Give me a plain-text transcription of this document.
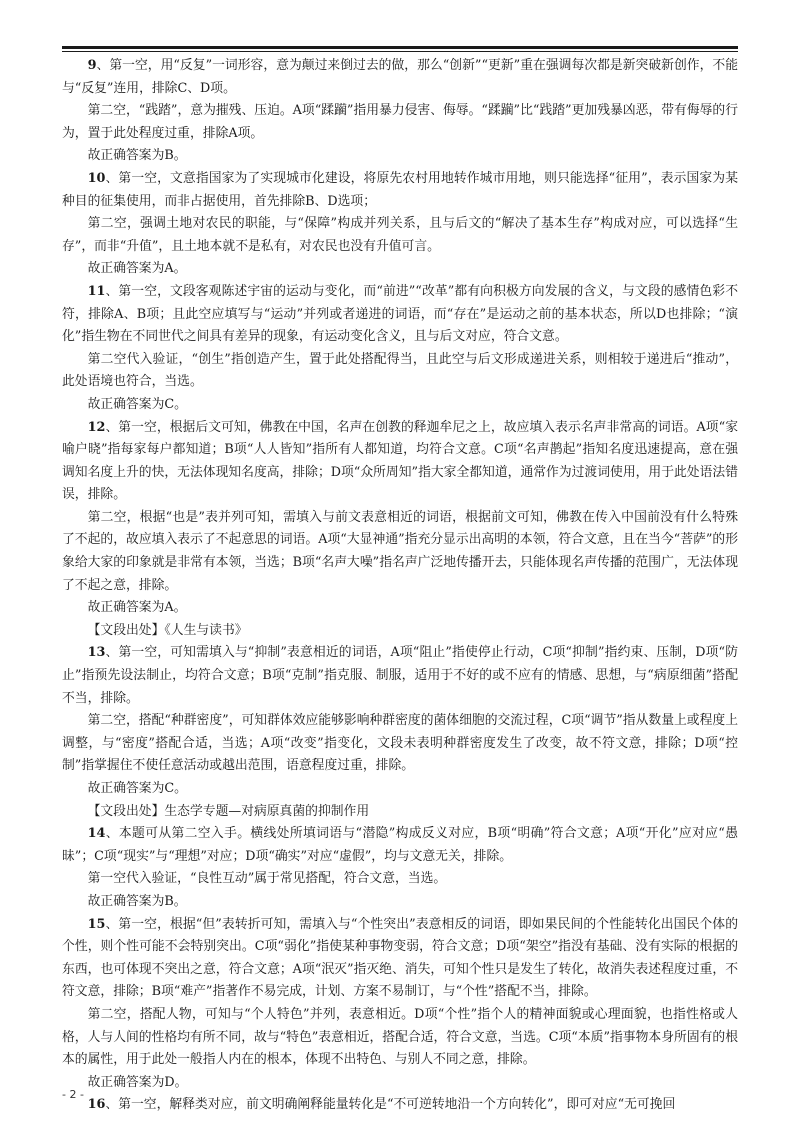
9、第一空，用“反复”一词形容，意为颠过来倒过去的做，那么“创新”“更新”重在强调每次都是新突破新创作，不能与“反复”连用，排除C、D项。

第二空，“践踏”，意为摧残、压迫。A项“蹂躏”指用暴力侵害、侮辱。“蹂躏”比“践踏”更加残暴凶恶，带有侮辱的行为，置于此处程度过重，排除A项。

故正确答案为B。

10、第一空，文意指国家为了实现城市化建设，将原先农村用地转作城市用地，则只能选择“征用”，表示国家为某种目的征集使用，而非占据使用，首先排除B、D选项；

第二空，强调土地对农民的职能，与“保障”构成并列关系，且与后文的“解决了基本生存”构成对应，可以选择“生存”，而非“升值”，且土地本就不是私有，对农民也没有升值可言。

故正确答案为A。

11、第一空，文段客观陈述宇宙的运动与变化，而“前进”“改革”都有向积极方向发展的含义，与文段的感情色彩不符，排除A、B项；且此空应填写与“运动”并列或者递进的词语，而“存在”是运动之前的基本状态，所以D也排除；“演化”指生物在不同世代之间具有差异的现象，有运动变化含义，且与后文对应，符合文意。

第二空代入验证，“创生”指创造产生，置于此处搭配得当，且此空与后文形成递进关系，则相较于递进后“推动”，此处语境也符合，当选。

故正确答案为C。

12、第一空，根据后文可知，佛教在中国，名声在创教的释迦牟尼之上，故应填入表示名声非常高的词语。A项“家喻户晓”指每家每户都知道；B项“人人皆知”指所有人都知道，均符合文意。C项“名声鹊起”指知名度迅速提高，意在强调知名度上升的快，无法体现知名度高，排除；D项“众所周知”指大家全都知道，通常作为过渡词使用，用于此处语法错误，排除。

第二空，根据“也是”表并列可知，需填入与前文表意相近的词语，根据前文可知，佛教在传入中国前没有什么特殊了不起的，故应填入表示了不起意思的词语。A项“大显神通”指充分显示出高明的本领，符合文意，且在当今“菩萨”的形象给大家的印象就是非常有本领，当选；B项“名声大噪”指名声广泛地传播开去，只能体现名声传播的范围广，无法体现了不起之意，排除。

故正确答案为A。

【文段出处】《人生与读书》

13、第一空，可知需填入与“抑制”表意相近的词语，A项“阻止”指使停止行动，C项“抑制”指约束、压制，D项“防止”指预先设法制止，均符合文意；B项“克制”指克服、制服，适用于不好的或不应有的情感、思想，与“病原细菌”搭配不当，排除。

第二空，搭配“种群密度”，可知群体效应能够影响种群密度的菌体细胞的交流过程，C项“调节”指从数量上或程度上调整，与“密度”搭配合适，当选；A项“改变”指变化，文段未表明种群密度发生了改变，故不符文意，排除；D项“控制”指掌握住不使任意活动或越出范围，语意程度过重，排除。

故正确答案为C。

【文段出处】生态学专题—对病原真菌的抑制作用

14、本题可从第二空入手。横线处所填词语与“潜隐”构成反义对应，B项“明确”符合文意；A项“开化”应对应“愚昧”；C项“现实”与“理想”对应；D项“确实”对应“虚假”，均与文意无关，排除。

第一空代入验证，“良性互动”属于常见搭配，符合文意，当选。

故正确答案为B。

15、第一空，根据“但”表转折可知，需填入与“个性突出”表意相反的词语，即如果民间的个性能转化出国民个体的个性，则个性可能不会特别突出。C项“弱化”指使某种事物变弱，符合文意；D项“架空”指没有基础、没有实际的根据的东西，也可体现不突出之意，符合文意；A项“泯灭”指灭绝、消失，可知个性只是发生了转化，故消失表述程度过重，不符文意，排除；B项“难产”指著作不易完成，计划、方案不易制订，与“个性”搭配不当，排除。

第二空，搭配人物，可知与“个人特色”并列，表意相近。D项“个性”指个人的精神面貌或心理面貌，也指性格或人格，人与人间的性格均有所不同，故与“特色”表意相近，搭配合适，符合文意，当选。C项“本质”指事物本身所固有的根本的属性，用于此处一般指人内在的根本，体现不出特色、与别人不同之意，排除。

故正确答案为D。

16、第一空，解释类对应，前文明确阐释能量转化是“不可逆转地沿一个方向转化”，即可对应“无可挽回

- 2 -
